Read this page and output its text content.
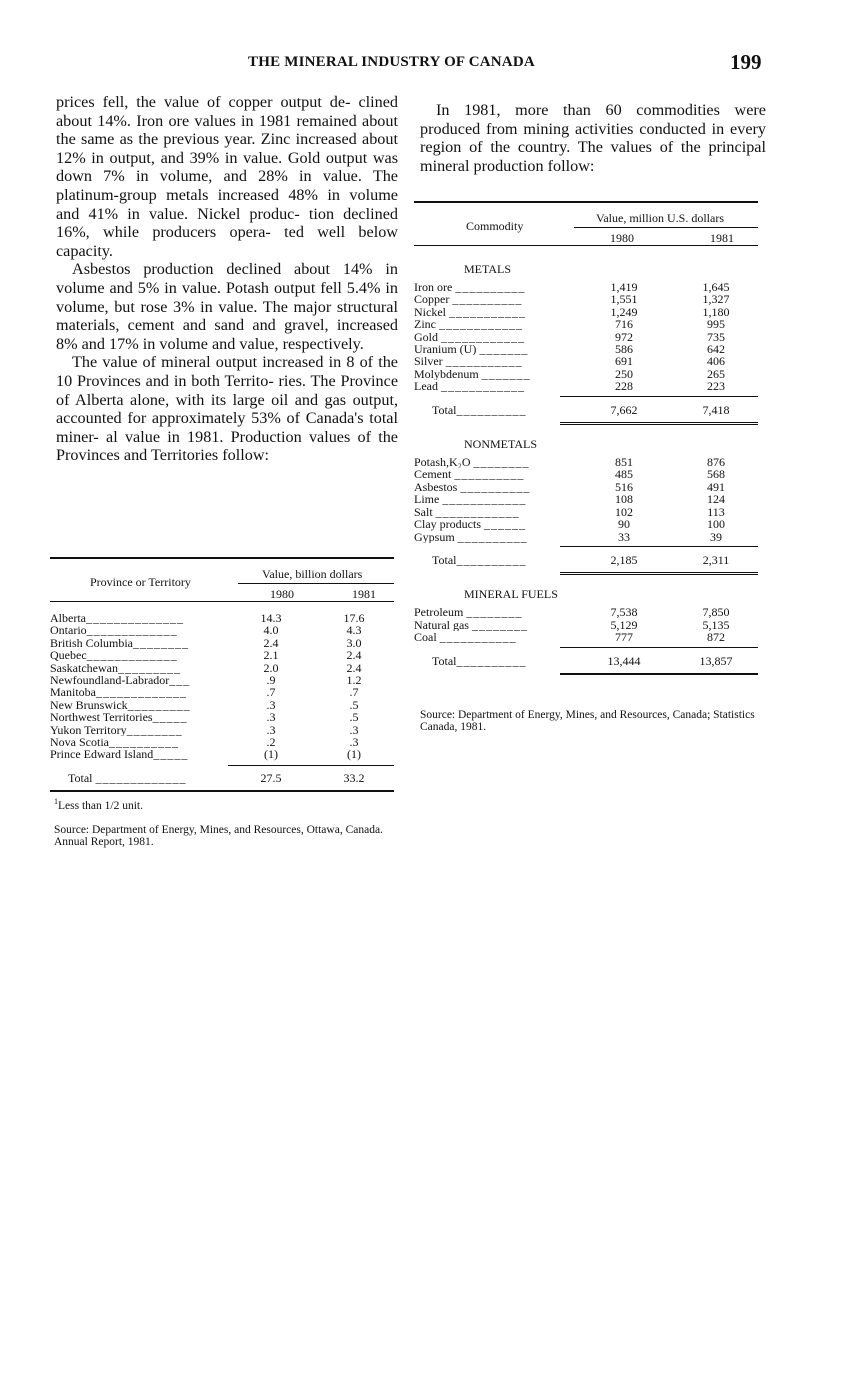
THE MINERAL INDUSTRY OF CANADA	199

prices fell, the value of copper output de- clined about 14%. Iron ore values in 1981 remained about the same as the previous year. Zinc increased about 12% in output, and 39% in value. Gold output was down 7% in volume, and 28% in value. The platinum-group metals increased 48% in volume and 41% in value. Nickel produc- tion declined 16%, while producers opera- ted well below capacity.

Asbestos production declined about 14% in volume and 5% in value. Potash output fell 5.4% in volume, but rose 3% in value. The major structural materials, cement and sand and gravel, increased 8% and 17% in volume and value, respectively.

The value of mineral output increased in 8 of the 10 Provinces and in both Territo- ries. The Province of Alberta alone, with its large oil and gas output, accounted for approximately 53% of Canada's total miner- al value in 1981. Production values of the Provinces and Territories follow:

In 1981, more than 60 commodities were produced from mining activities conducted in every region of the country. The values of the principal mineral production follow:

Province or Territory
Value, billion dollars
1980	1981
Alberta______________	14.3	17.6
Ontario_____________	4.0	4.3
British Columbia________	2.4	3.0
Quebec_____________	2.1	2.4
Saskatchewan_________	2.0	2.4
Newfoundland-Labrador___	.9	1.2
Manitoba_____________	.7	.7
New Brunswick_________	.3	.5
Northwest Territories_____	.3	.5
Yukon Territory________	.3	.3
Nova Scotia__________	.2	.3
Prince Edward Island_____	(1)	(1)
Total _____________	27.5	33.2

$^1$Less than 1/2 unit.

Source: Department of Energy, Mines, and Resources, Ottawa, Canada. Annual Report, 1981.

Commodity
Value, million U.S. dollars
1980	1981
METALS
Iron ore __________	1,419	1,645
Copper __________	1,551	1,327
Nickel ___________	1,249	1,180
Zinc ____________	716	995
Gold ____________	972	735
Uranium (U) _______	586	642
Silver ___________	691	406
Molybdenum _______	250	265
Lead ____________	228	223
Total__________	7,662	7,418
NONMETALS
Potash,K₂O ________	851	876
Cement __________	485	568
Asbestos __________	516	491
Lime ____________	108	124
Salt ____________	102	113
Clay products ______	90	100
Gypsum __________	33	39
Total__________	2,185	2,311
MINERAL FUELS
Petroleum ________	7,538	7,850
Natural gas ________	5,129	5,135
Coal ___________	777	872
Total__________	13,444	13,857

Source: Department of Energy, Mines, and Resources, Canada; Statistics Canada, 1981.
